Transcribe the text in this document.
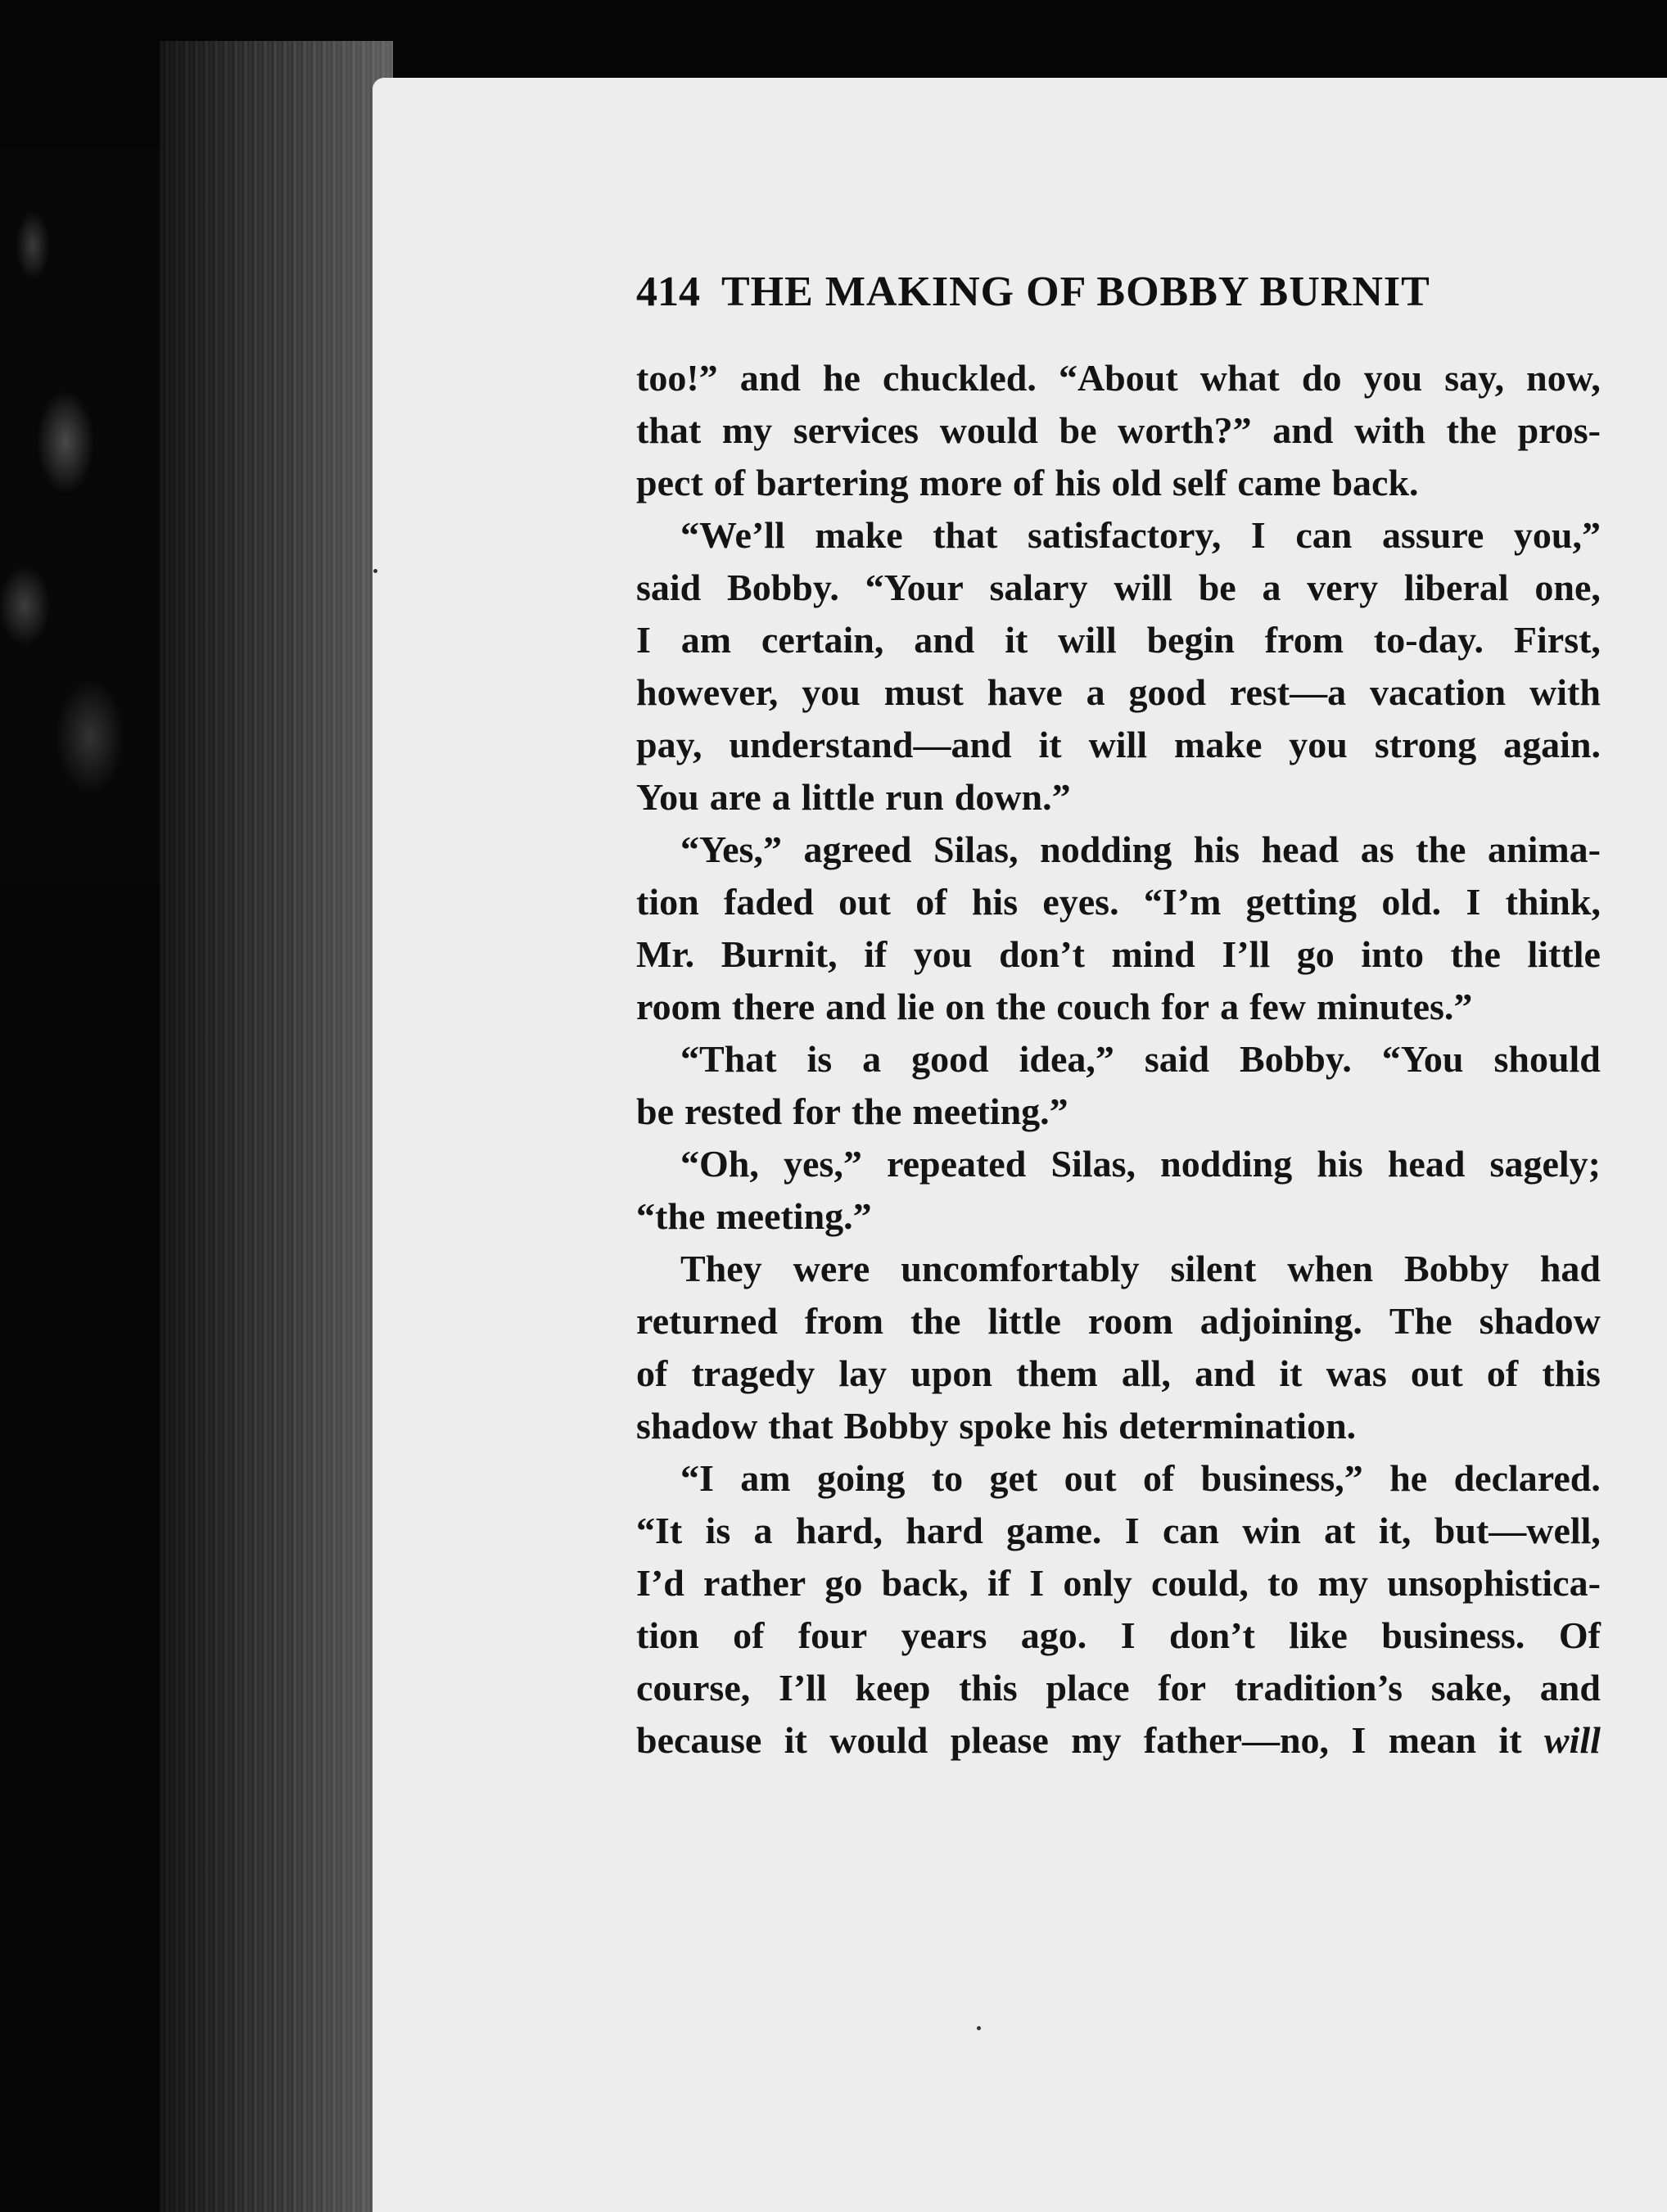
414 THE MAKING OF BOBBY BURNIT
too!” and he chuckled. “About what do you say, now,
that my services would be worth?” and with the pros-
pect of bartering more of his old self came back.
“We’ll make that satisfactory, I can assure you,”
said Bobby. “Your salary will be a very liberal one,
I am certain, and it will begin from to-day. First,
however, you must have a good rest—a vacation with
pay, understand—and it will make you strong again.
You are a little run down.”
“Yes,” agreed Silas, nodding his head as the anima-
tion faded out of his eyes. “I’m getting old. I think,
Mr. Burnit, if you don’t mind I’ll go into the little
room there and lie on the couch for a few minutes.”
“That is a good idea,” said Bobby. “You should
be rested for the meeting.”
“Oh, yes,” repeated Silas, nodding his head sagely;
“the meeting.”
They were uncomfortably silent when Bobby had
returned from the little room adjoining. The shadow
of tragedy lay upon them all, and it was out of this
shadow that Bobby spoke his determination.
“I am going to get out of business,” he declared.
“It is a hard, hard game. I can win at it, but—well,
I’d rather go back, if I only could, to my unsophistica-
tion of four years ago. I don’t like business. Of
course, I’ll keep this place for tradition’s sake, and
because it would please my father—no, I mean it will
